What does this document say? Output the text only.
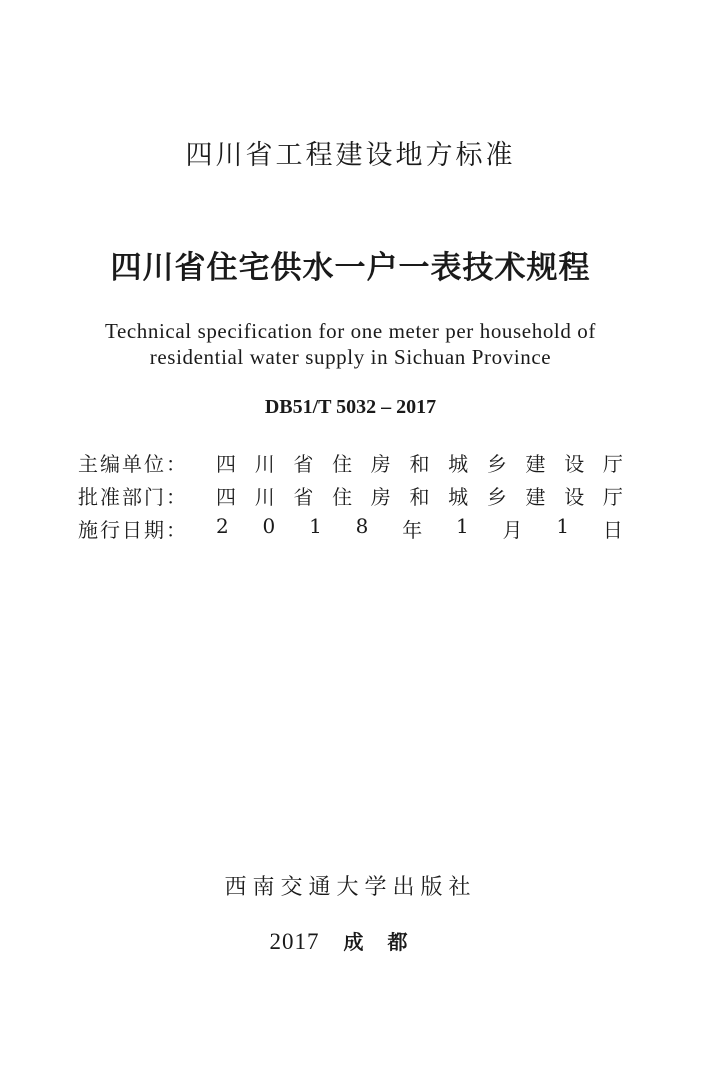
四川省工程建设地方标准
四川省住宅供水一户一表技术规程
Technical specification for one meter per household of
residential water supply in Sichuan Province
DB51/T 5032 – 2017
主编单位： 四 川 省 住 房 和 城 乡 建 设 厅
批准部门： 四 川 省 住 房 和 城 乡 建 设 厅
施行日期： 2 0 1 8 年 1 月 1 日
西南交通大学出版社
2017 成都
